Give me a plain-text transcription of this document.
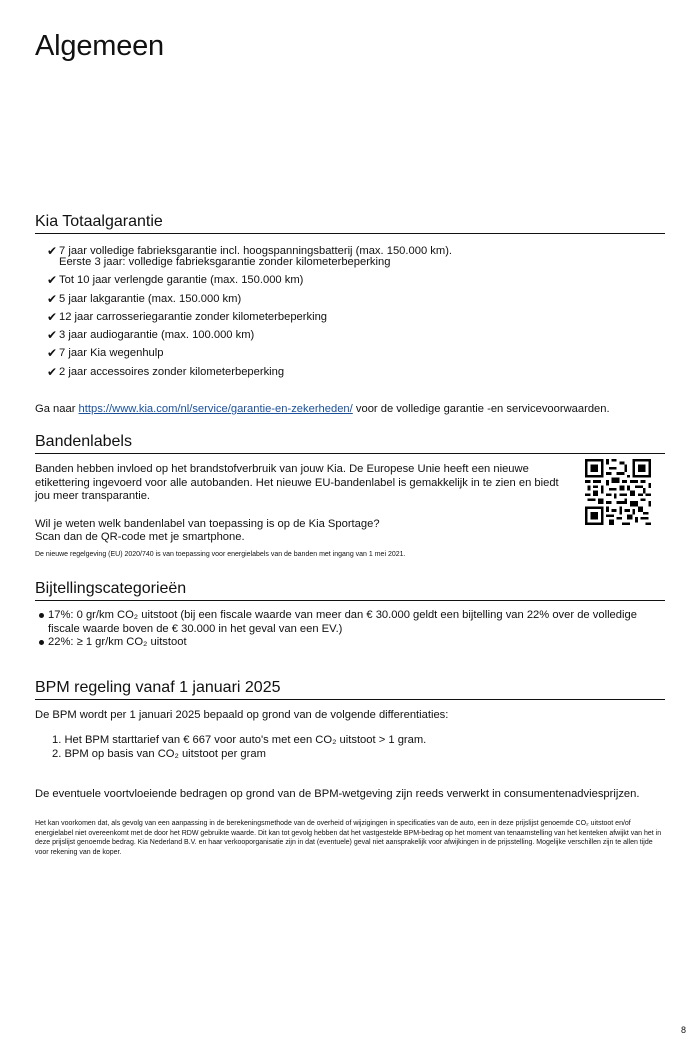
Algemeen
Kia Totaalgarantie
✔ 7 jaar volledige fabrieksgarantie incl. hoogspanningsbatterij (max. 150.000 km).
Eerste 3 jaar: volledige fabrieksgarantie zonder kilometerbeperking
✔ Tot 10 jaar verlengde garantie (max. 150.000 km)
✔ 5 jaar lakgarantie (max. 150.000 km)
✔ 12 jaar carrosseriegarantie zonder kilometerbeperking
✔ 3 jaar audiogarantie (max. 100.000 km)
✔ 7 jaar Kia wegenhulp
✔ 2 jaar accessoires zonder kilometerbeperking

Ga naar https://www.kia.com/nl/service/garantie-en-zekerheden/ voor de volledige garantie -en servicevoorwaarden.

Bandenlabels

Banden hebben invloed op het brandstofverbruik van jouw Kia. De Europese Unie heeft een nieuwe etikettering ingevoerd voor alle autobanden. Het nieuwe EU-bandenlabel is gemakkelijk in te zien en biedt jou meer transparantie.

Wil je weten welk bandenlabel van toepassing is op de Kia Sportage?

Scan dan de QR-code met je smartphone.

De nieuwe regelgeving (EU) 2020/740 is van toepassing voor energielabels van de banden met ingang van 1 mei 2021.

Bijtellingscategorieën
17%: 0 gr/km CO₂ uitstoot (bij een fiscale waarde van meer dan € 30.000 geldt een bijtelling van 22% over de volledige fiscale waarde boven de € 30.000 in het geval van een EV.)
22%: ≥ 1 gr/km CO₂ uitstoot
BPM regeling vanaf 1 januari 2025

De BPM wordt per 1 januari 2025 bepaald op grond van de volgende differentiaties:

1. Het BPM starttarief van € 667 voor auto's met een CO₂ uitstoot > 1 gram.
2. BPM op basis van CO₂ uitstoot per gram

De eventuele voortvloeiende bedragen op grond van de BPM-wetgeving zijn reeds verwerkt in consumentenadviesprijzen.

Het kan voorkomen dat, als gevolg van een aanpassing in de berekeningsmethode van de overheid of wijzigingen in specificaties van de auto, een in deze prijslijst genoemde CO₂ uitstoot en/of energielabel niet overeenkomt met de door het RDW gebruikte waarde. Dit kan tot gevolg hebben dat het vastgestelde BPM-bedrag op het moment van tenaamstelling van het kenteken afwijkt van het in deze prijslijst genoemde bedrag. Kia Nederland B.V. en haar verkooporganisatie zijn in dat (eventuele) geval niet aansprakelijk voor afwijkingen in de prijsstelling. Mogelijke verschillen zijn te allen tijde voor rekening van de koper.

8
